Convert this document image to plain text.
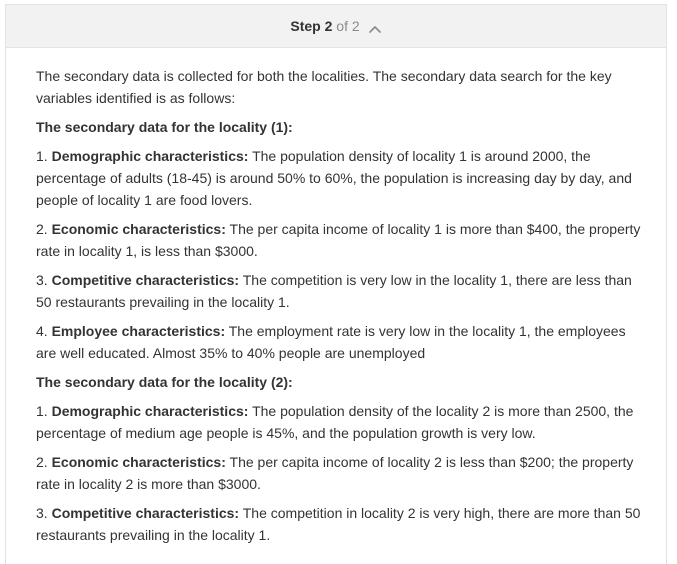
Step 2 of 2

The secondary data is collected for both the localities. The secondary data search for the key variables identified is as follows:

The secondary data for the locality (1):

1. Demographic characteristics: The population density of locality 1 is around 2000, the percentage of adults (18-45) is around 50% to 60%, the population is increasing day by day, and people of locality 1 are food lovers.

2. Economic characteristics: The per capita income of locality 1 is more than $400, the property rate in locality 1, is less than $3000.

3. Competitive characteristics: The competition is very low in the locality 1, there are less than 50 restaurants prevailing in the locality 1.

4. Employee characteristics: The employment rate is very low in the locality 1, the employees are well educated. Almost 35% to 40% people are unemployed

The secondary data for the locality (2):

1. Demographic characteristics: The population density of the locality 2 is more than 2500, the percentage of medium age people is 45%, and the population growth is very low.

2. Economic characteristics: The per capita income of locality 2 is less than $200; the property rate in locality 2 is more than $3000.

3. Competitive characteristics: The competition in locality 2 is very high, there are more than 50 restaurants prevailing in the locality 1.
